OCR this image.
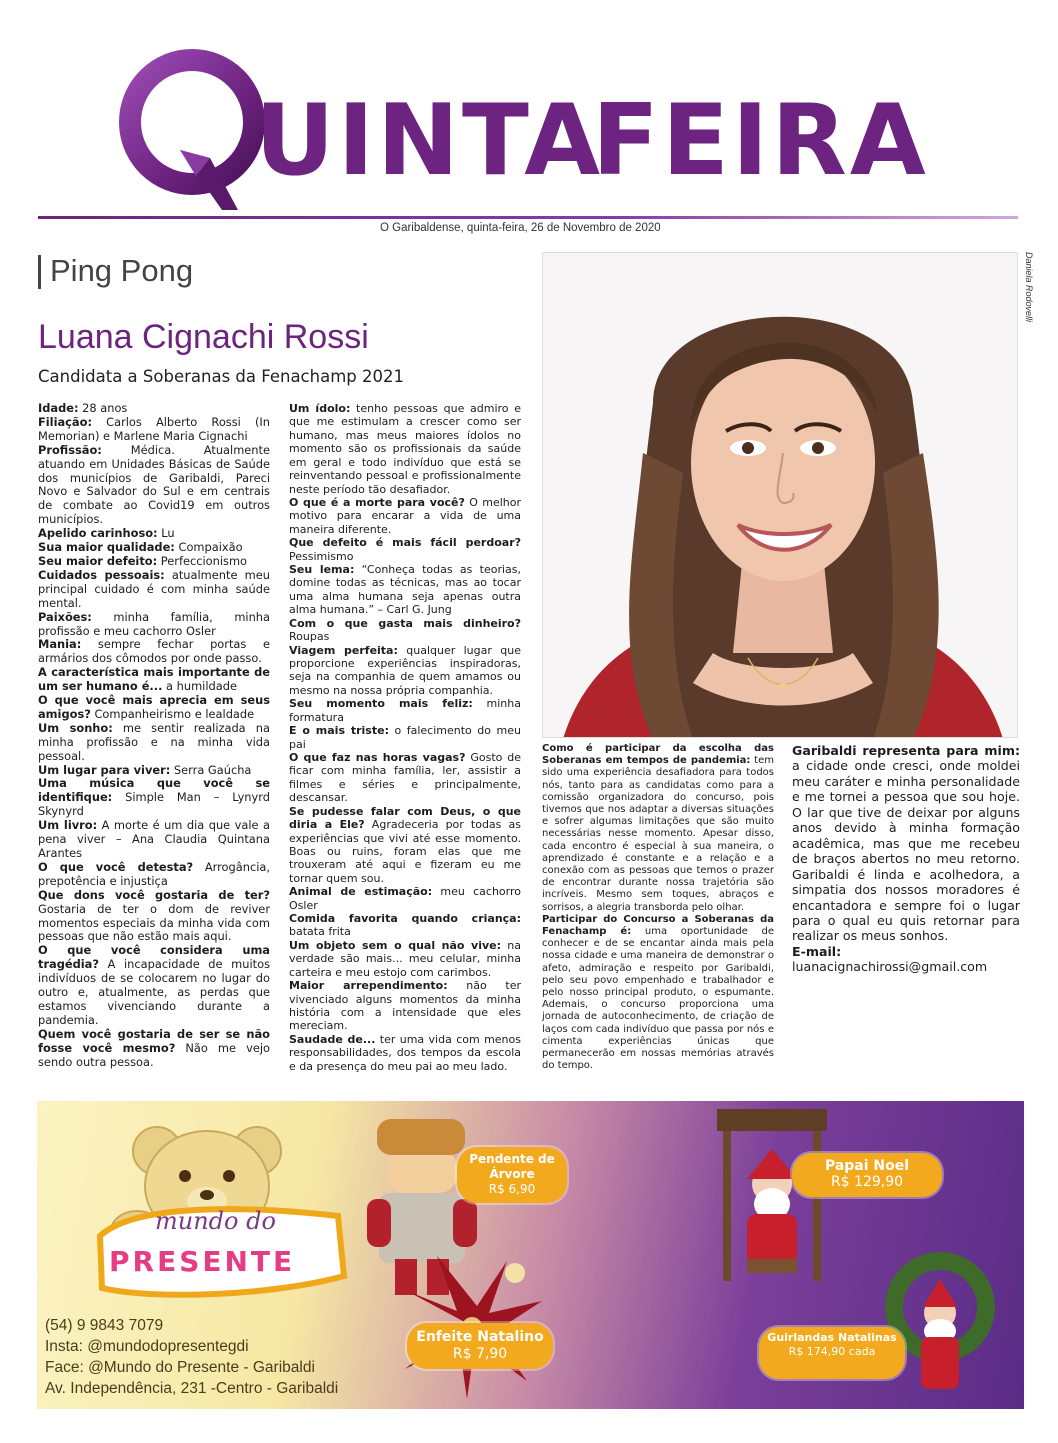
UINTA
FEIRA
O Garibaldense, quinta-feira, 26 de Novembro de 2020
Ping Pong
Luana Cignachi Rossi
Candidata a Soberanas da Fenachamp 2021
Daniela Rodovelli

Idade: 28 anos

Filiação: Carlos Alberto Rossi (In Memorian) e Marlene Maria Cignachi

Profissão: Médica. Atualmente atuando em Unidades Básicas de Saúde dos municípios de Garibaldi, Pareci Novo e Salvador do Sul e em centrais de combate ao Covid19 em outros municípios.

Apelido carinhoso: Lu

Sua maior qualidade: Compaixão

Seu maior defeito: Perfeccionismo

Cuidados pessoais: atualmente meu principal cuidado é com minha saúde mental.

Paixões: minha família, minha profissão e meu cachorro Osler

Mania: sempre fechar portas e armários dos cômodos por onde passo.

A característica mais importante de um ser humano é... a humildade

O que você mais aprecia em seus amigos? Companheirismo e lealdade

Um sonho: me sentir realizada na minha profissão e na minha vida pessoal.

Um lugar para viver: Serra Gaúcha

Uma música que você se identifique: Simple Man – Lynyrd Skynyrd

Um livro: A morte é um dia que vale a pena viver – Ana Claudia Quintana Arantes

O que você detesta? Arrogância, prepotência e injustiça

Que dons você gostaria de ter? Gostaria de ter o dom de reviver momentos especiais da minha vida com pessoas que não estão mais aqui.

O que você considera uma tragédia? A incapacidade de muitos indivíduos de se colocarem no lugar do outro e, atualmente, as perdas que estamos vivenciando durante a pandemia.

Quem você gostaria de ser se não fosse você mesmo? Não me vejo sendo outra pessoa.

Um ídolo: tenho pessoas que admiro e que me estimulam a crescer como ser humano, mas meus maiores ídolos no momento são os profissionais da saúde em geral e todo indivíduo que está se reinventando pessoal e profissionalmente neste período tão desafiador.

O que é a morte para você? O melhor motivo para encarar a vida de uma maneira diferente.

Que defeito é mais fácil perdoar? Pessimismo

Seu lema: “Conheça todas as teorias, domine todas as técnicas, mas ao tocar uma alma humana seja apenas outra alma humana.” – Carl G. Jung

Com o que gasta mais dinheiro? Roupas

Viagem perfeita: qualquer lugar que proporcione experiências inspiradoras, seja na companhia de quem amamos ou mesmo na nossa própria companhia.

Seu momento mais feliz: minha formatura

E o mais triste: o falecimento do meu pai

O que faz nas horas vagas? Gosto de ficar com minha família, ler, assistir a filmes e séries e principalmente, descansar.

Se pudesse falar com Deus, o que diria a Ele? Agradeceria por todas as experiências que vivi até esse momento. Boas ou ruins, foram elas que me trouxeram até aqui e fizeram eu me tornar quem sou.

Animal de estimação: meu cachorro Osler

Comida favorita quando criança: batata frita

Um objeto sem o qual não vive: na verdade são mais... meu celular, minha carteira e meu estojo com carimbos.

Maior arrependimento: não ter vivenciado alguns momentos da minha história com a intensidade que eles mereciam.

Saudade de... ter uma vida com menos responsabilidades, dos tempos da escola e da presença do meu pai ao meu lado.

Como é participar da escolha das Soberanas em tempos de pandemia: tem sido uma experiência desafiadora para todos nós, tanto para as candidatas como para a comissão organizadora do concurso, pois tivemos que nos adaptar a diversas situações e sofrer algumas limitações que são muito necessárias nesse momento. Apesar disso, cada encontro é especial à sua maneira, o aprendizado é constante e a relação e a conexão com as pessoas que temos o prazer de encontrar durante nossa trajetória são incríveis. Mesmo sem toques, abraços e sorrisos, a alegria transborda pelo olhar.

Participar do Concurso a Soberanas da Fenachamp é: uma oportunidade de conhecer e de se encantar ainda mais pela nossa cidade e uma maneira de demonstrar o afeto, admiração e respeito por Garibaldi, pelo seu povo empenhado e trabalhador e pelo nosso principal produto, o espumante. Ademais, o concurso proporciona uma jornada de autoconhecimento, de criação de laços com cada indivíduo que passa por nós e cimenta experiências únicas que permanecerão em nossas memórias através do tempo.

Garibaldi representa para mim: a cidade onde cresci, onde moldei meu caráter e minha personalidade e me tornei a pessoa que sou hoje. O lar que tive de deixar por alguns anos devido à minha formação acadêmica, mas que me recebeu de braços abertos no meu retorno. Garibaldi é linda e acolhedora, a simpatia dos nossos moradores é encantadora e sempre foi o lugar para o qual eu quis retornar para realizar os meus sonhos.

E-mail: luanacignachirossi@gmail.com

mundo do
PRESENTE
Pendente de Árvore
R$ 6,90
Papai Noel
R$ 129,90
Enfeite Natalino
R$ 7,90
Guirlandas Natalinas
R$ 174,90 cada
(54) 9 9843 7079
Insta: @mundodopresentegdi
Face: @Mundo do Presente - Garibaldi
Av. Independência, 231 -Centro - Garibaldi
